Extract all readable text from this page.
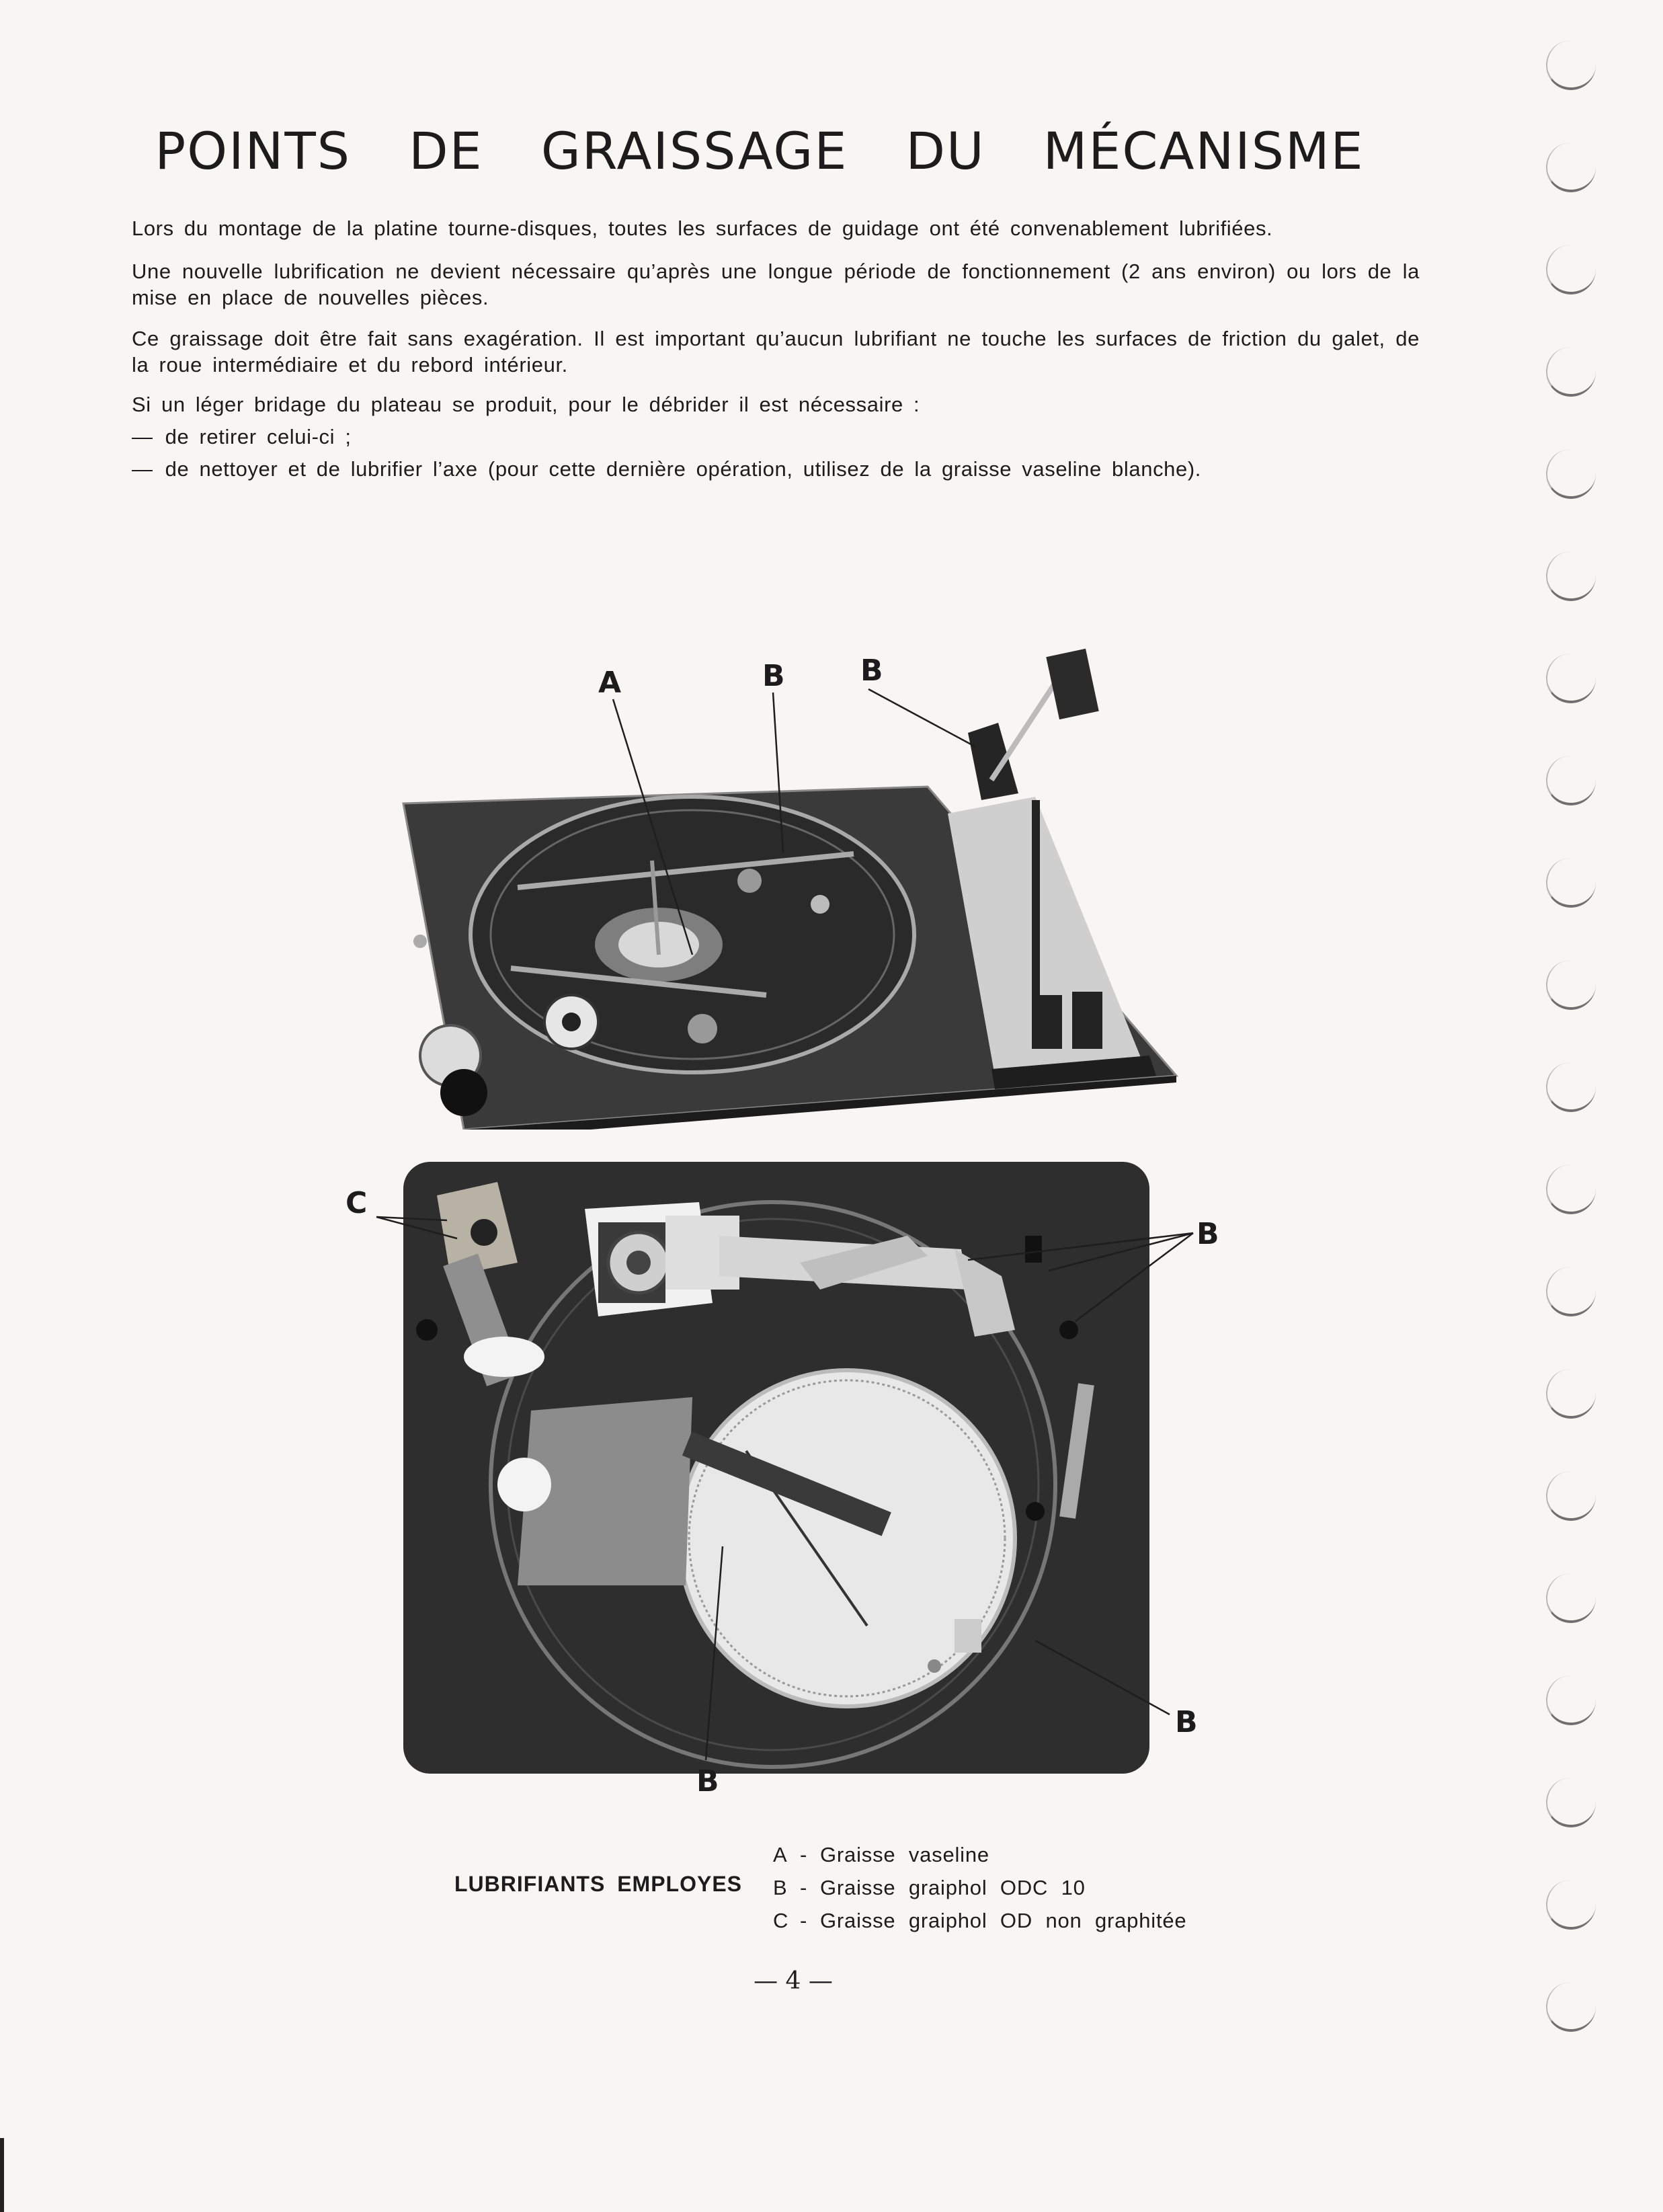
POINTS DE GRAISSAGE DU MÉCANISME

Lors du montage de la platine tourne-disques, toutes les surfaces de guidage ont été convenablement lubrifiées.

Une nouvelle lubrification ne devient nécessaire qu’après une longue période de fonctionnement (2 ans environ) ou lors de la mise en place de nouvelles pièces.

Ce graissage doit être fait sans exagération. Il est important qu’aucun lubrifiant ne touche les surfaces de friction du galet, de la roue intermédiaire et du rebord intérieur.

Si un léger bridage du plateau se produit, pour le débrider il est nécessaire :

— de retirer celui-ci ;

— de nettoyer et de lubrifier l’axe (pour cette dernière opération, utilisez de la graisse vaseline blanche).

A	B	B
C
B
B
B
LUBRIFIANTS EMPLOYES
A - Graisse vaseline
B - Graisse graiphol ODC 10
C - Graisse graiphol OD non graphitée
— 4 —
